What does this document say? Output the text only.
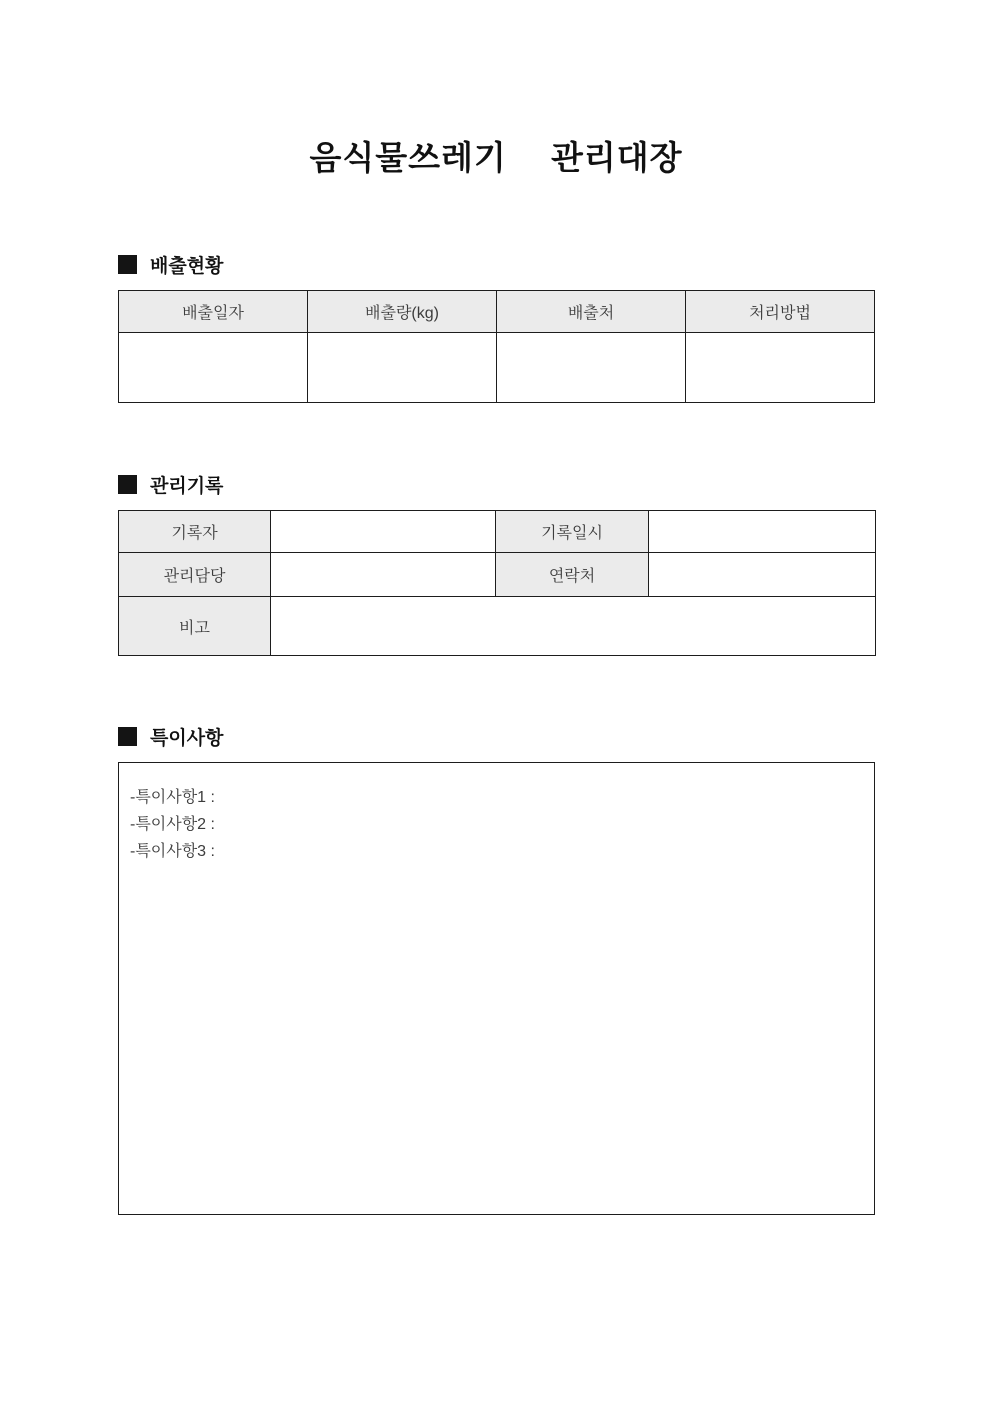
음식물쓰레기  관리대장
배출현황
배출일자	배출량(kg)	배출처	처리방법

관리기록
기록자		기록일시	
관리담당		연락처	
비고			
특이사항
-특이사항1 :
-특이사항2 :
-특이사항3 :
